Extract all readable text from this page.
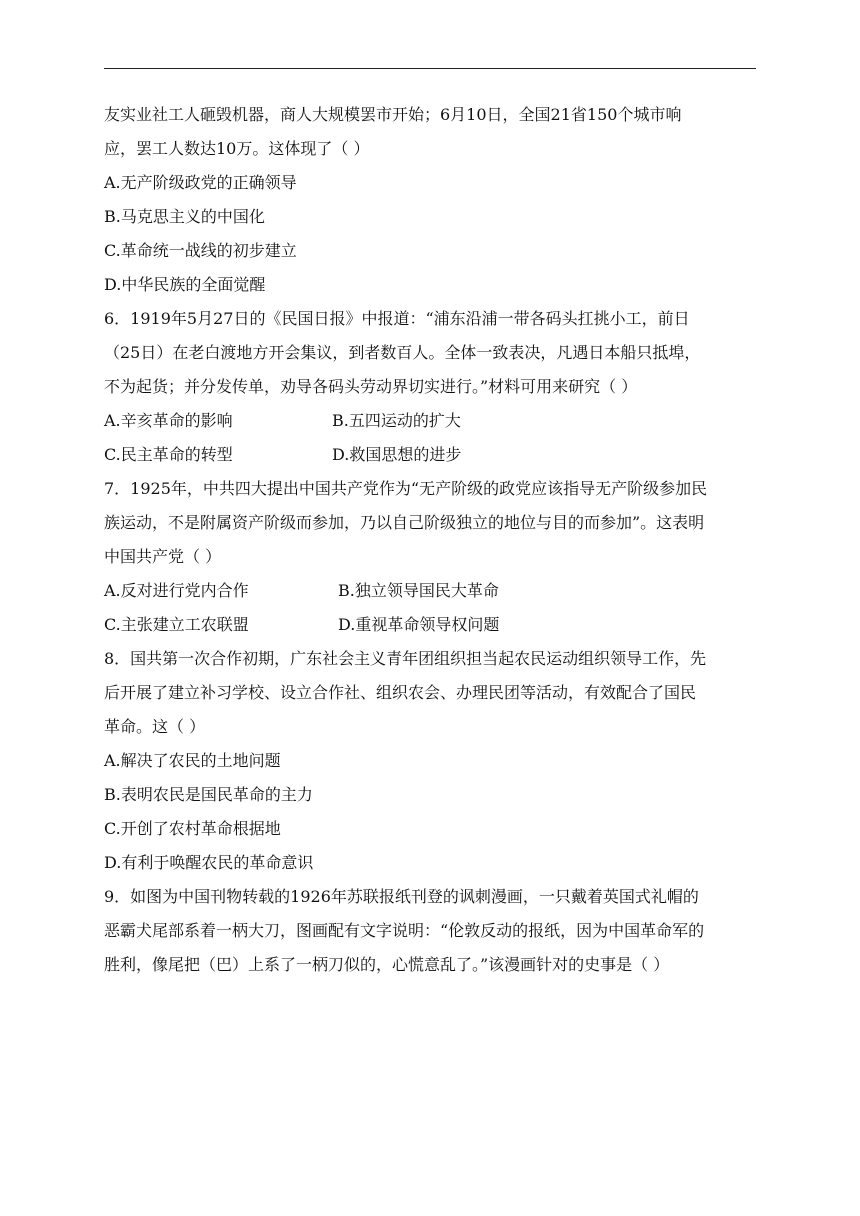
友实业社工人砸毁机器，商人大规模罢市开始；6月10日，全国21省150个城市响
应，罢工人数达10万。这体现了（ ）
A.无产阶级政党的正确领导
B.马克思主义的中国化
C.革命统一战线的初步建立
D.中华民族的全面觉醒
6．1919年5月27日的《民国日报》中报道：“浦东沿浦一带各码头扛挑小工，前日
（25日）在老白渡地方开会集议，到者数百人。全体一致表决，凡遇日本船只抵埠，
不为起货；并分发传单，劝导各码头劳动界切实进行。”材料可用来研究（ ）
A.辛亥革命的影响	B.五四运动的扩大
C.民主革命的转型	D.救国思想的进步
7．1925年，中共四大提出中国共产党作为“无产阶级的政党应该指导无产阶级参加民
族运动，不是附属资产阶级而参加，乃以自己阶级独立的地位与目的而参加”。这表明
中国共产党（ ）
A.反对进行党内合作	B.独立领导国民大革命
C.主张建立工农联盟	D.重视革命领导权问题
8．国共第一次合作初期，广东社会主义青年团组织担当起农民运动组织领导工作，先
后开展了建立补习学校、设立合作社、组织农会、办理民团等活动，有效配合了国民
革命。这（ ）
A.解决了农民的土地问题
B.表明农民是国民革命的主力
C.开创了农村革命根据地
D.有利于唤醒农民的革命意识
9．如图为中国刊物转载的1926年苏联报纸刊登的讽刺漫画，一只戴着英国式礼帽的
恶霸犬尾部系着一柄大刀，图画配有文字说明：“伦敦反动的报纸，因为中国革命军的
胜利，像尾把（巴）上系了一柄刀似的，心慌意乱了。”该漫画针对的史事是（ ）
